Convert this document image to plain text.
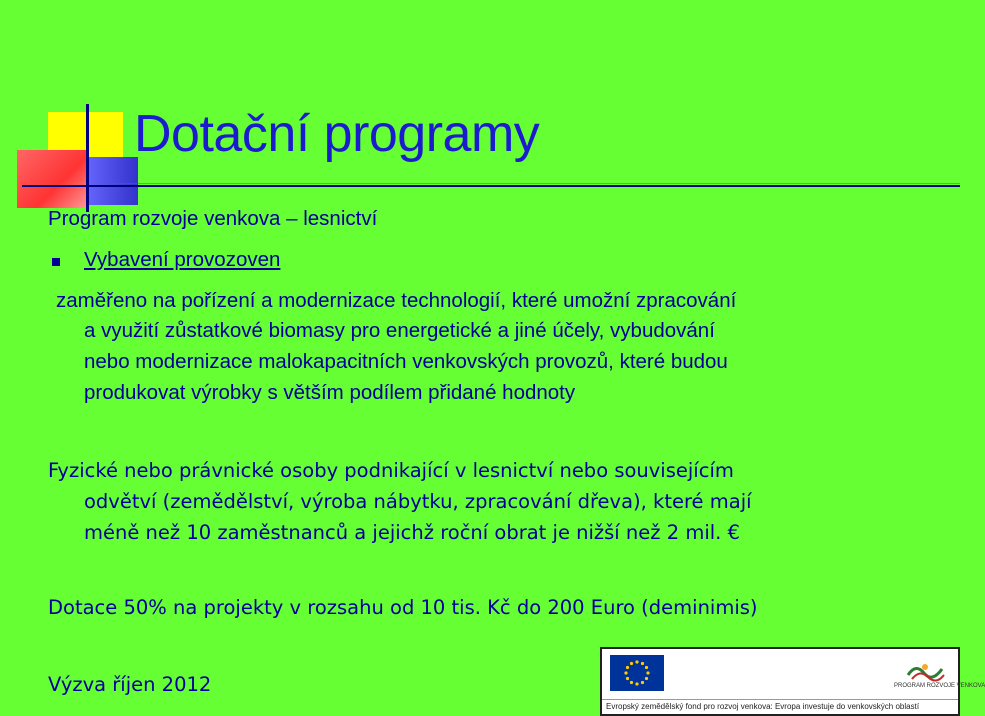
Dotační programy
Program rozvoje venkova – lesnictví
Vybavení provozoven
zaměřeno na pořízení a modernizace technologií, které umožní zpracování
a využití zůstatkové biomasy pro energetické a jiné účely, vybudování
nebo modernizace malokapacitních venkovských provozů, které budou
produkovat výrobky s větším podílem přidané hodnoty
Fyzické nebo právnické osoby podnikající v lesnictví nebo souvisejícím
odvětví (zemědělství, výroba nábytku, zpracování dřeva), které mají
méně než 10 zaměstnanců a jejichž roční obrat je nižší než 2 mil. €
Dotace 50% na projekty v rozsahu od 10 tis. Kč do 200 Euro (deminimis)
Výzva říjen 2012	PROGRAM ROZVOJE VENKOVA
Evropský zemědělský fond pro rozvoj venkova: Evropa investuje do venkovských oblastí
